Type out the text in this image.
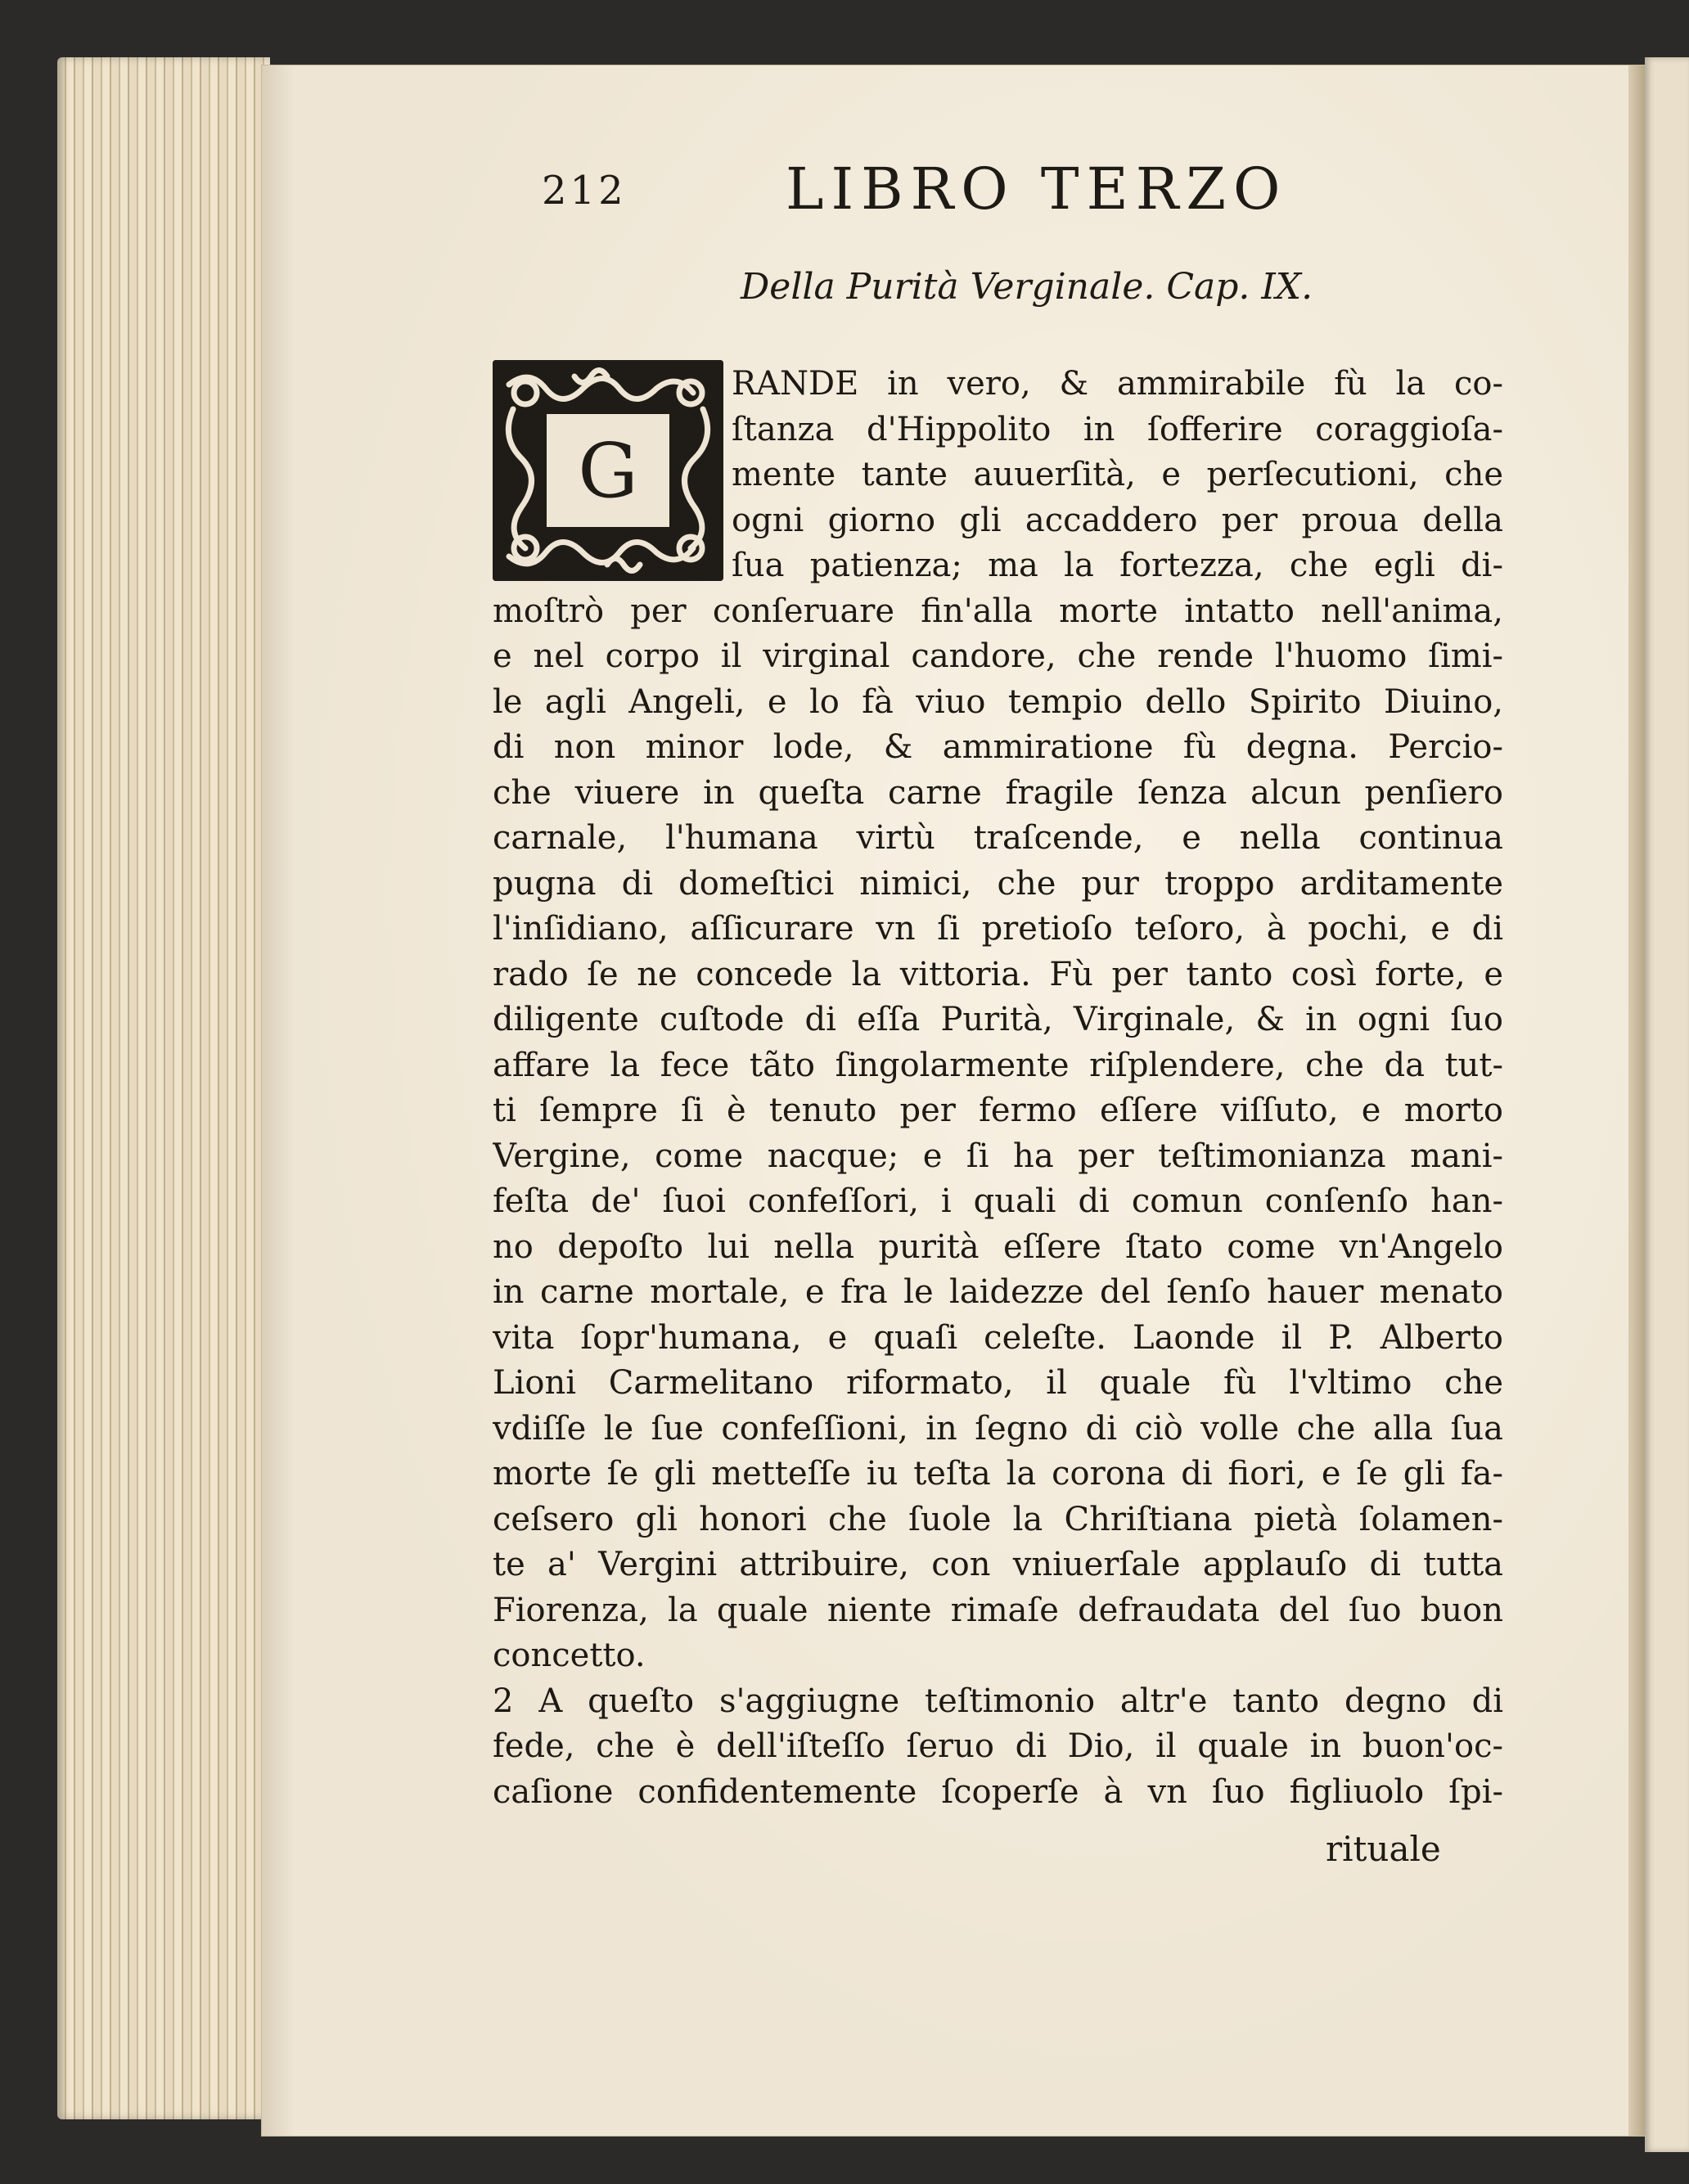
212	LIBRO TERZO
Della Purità Verginale. Cap. IX.
G
RANDE in vero, & ammirabile fù la co-
ſtanza d'Hippolito in ſofferire coraggioſa-
mente tante auuerſità, e perſecutioni, che
ogni giorno gli accaddero per proua della
ſua patienza; ma la fortezza, che egli di-
moſtrò per conſeruare fin'alla morte intatto nell'anima,
e nel corpo il virginal candore, che rende l'huomo ſimi-
le agli Angeli, e lo fà viuo tempio dello Spirito Diuino,
di non minor lode, & ammiratione fù degna. Percio-
che viuere in queſta carne fragile ſenza alcun penſiero
carnale, l'humana virtù traſcende, e nella continua
pugna di domeſtici nimici, che pur troppo arditamente
l'inſidiano, aſſicurare vn ſi pretioſo teſoro, à pochi, e di
rado ſe ne concede la vittoria. Fù per tanto così forte, e
diligente cuſtode di eſſa Purità, Virginale, & in ogni ſuo
affare la fece tãto ſingolarmente riſplendere, che da tut-
ti ſempre ſi è tenuto per fermo eſſere viſſuto, e morto
Vergine, come nacque; e ſi ha per teſtimonianza mani-
feſta de' ſuoi confeſſori, i quali di comun conſenſo han-
no depoſto lui nella purità eſſere ſtato come vn'Angelo
in carne mortale, e fra le laidezze del ſenſo hauer menato
vita ſopr'humana, e quaſi celeſte. Laonde il P. Alberto
Lioni Carmelitano riformato, il quale fù l'vltimo che
vdiſſe le ſue confeſſioni, in ſegno di ciò volle che alla ſua
morte ſe gli metteſſe iu teſta la corona di fiori, e ſe gli fa-
ceſsero gli honori che ſuole la Chriſtiana pietà ſolamen-
te a' Vergini attribuire, con vniuerſale applauſo di tutta
Fiorenza, la quale niente rimaſe defraudata del ſuo buon
concetto.
2 A queſto s'aggiugne teſtimonio altr'e tanto degno di
fede, che è dell'iſteſſo ſeruo di Dio, il quale in buon'oc-
caſione confidentemente ſcoperſe à vn ſuo figliuolo ſpi-
rituale
